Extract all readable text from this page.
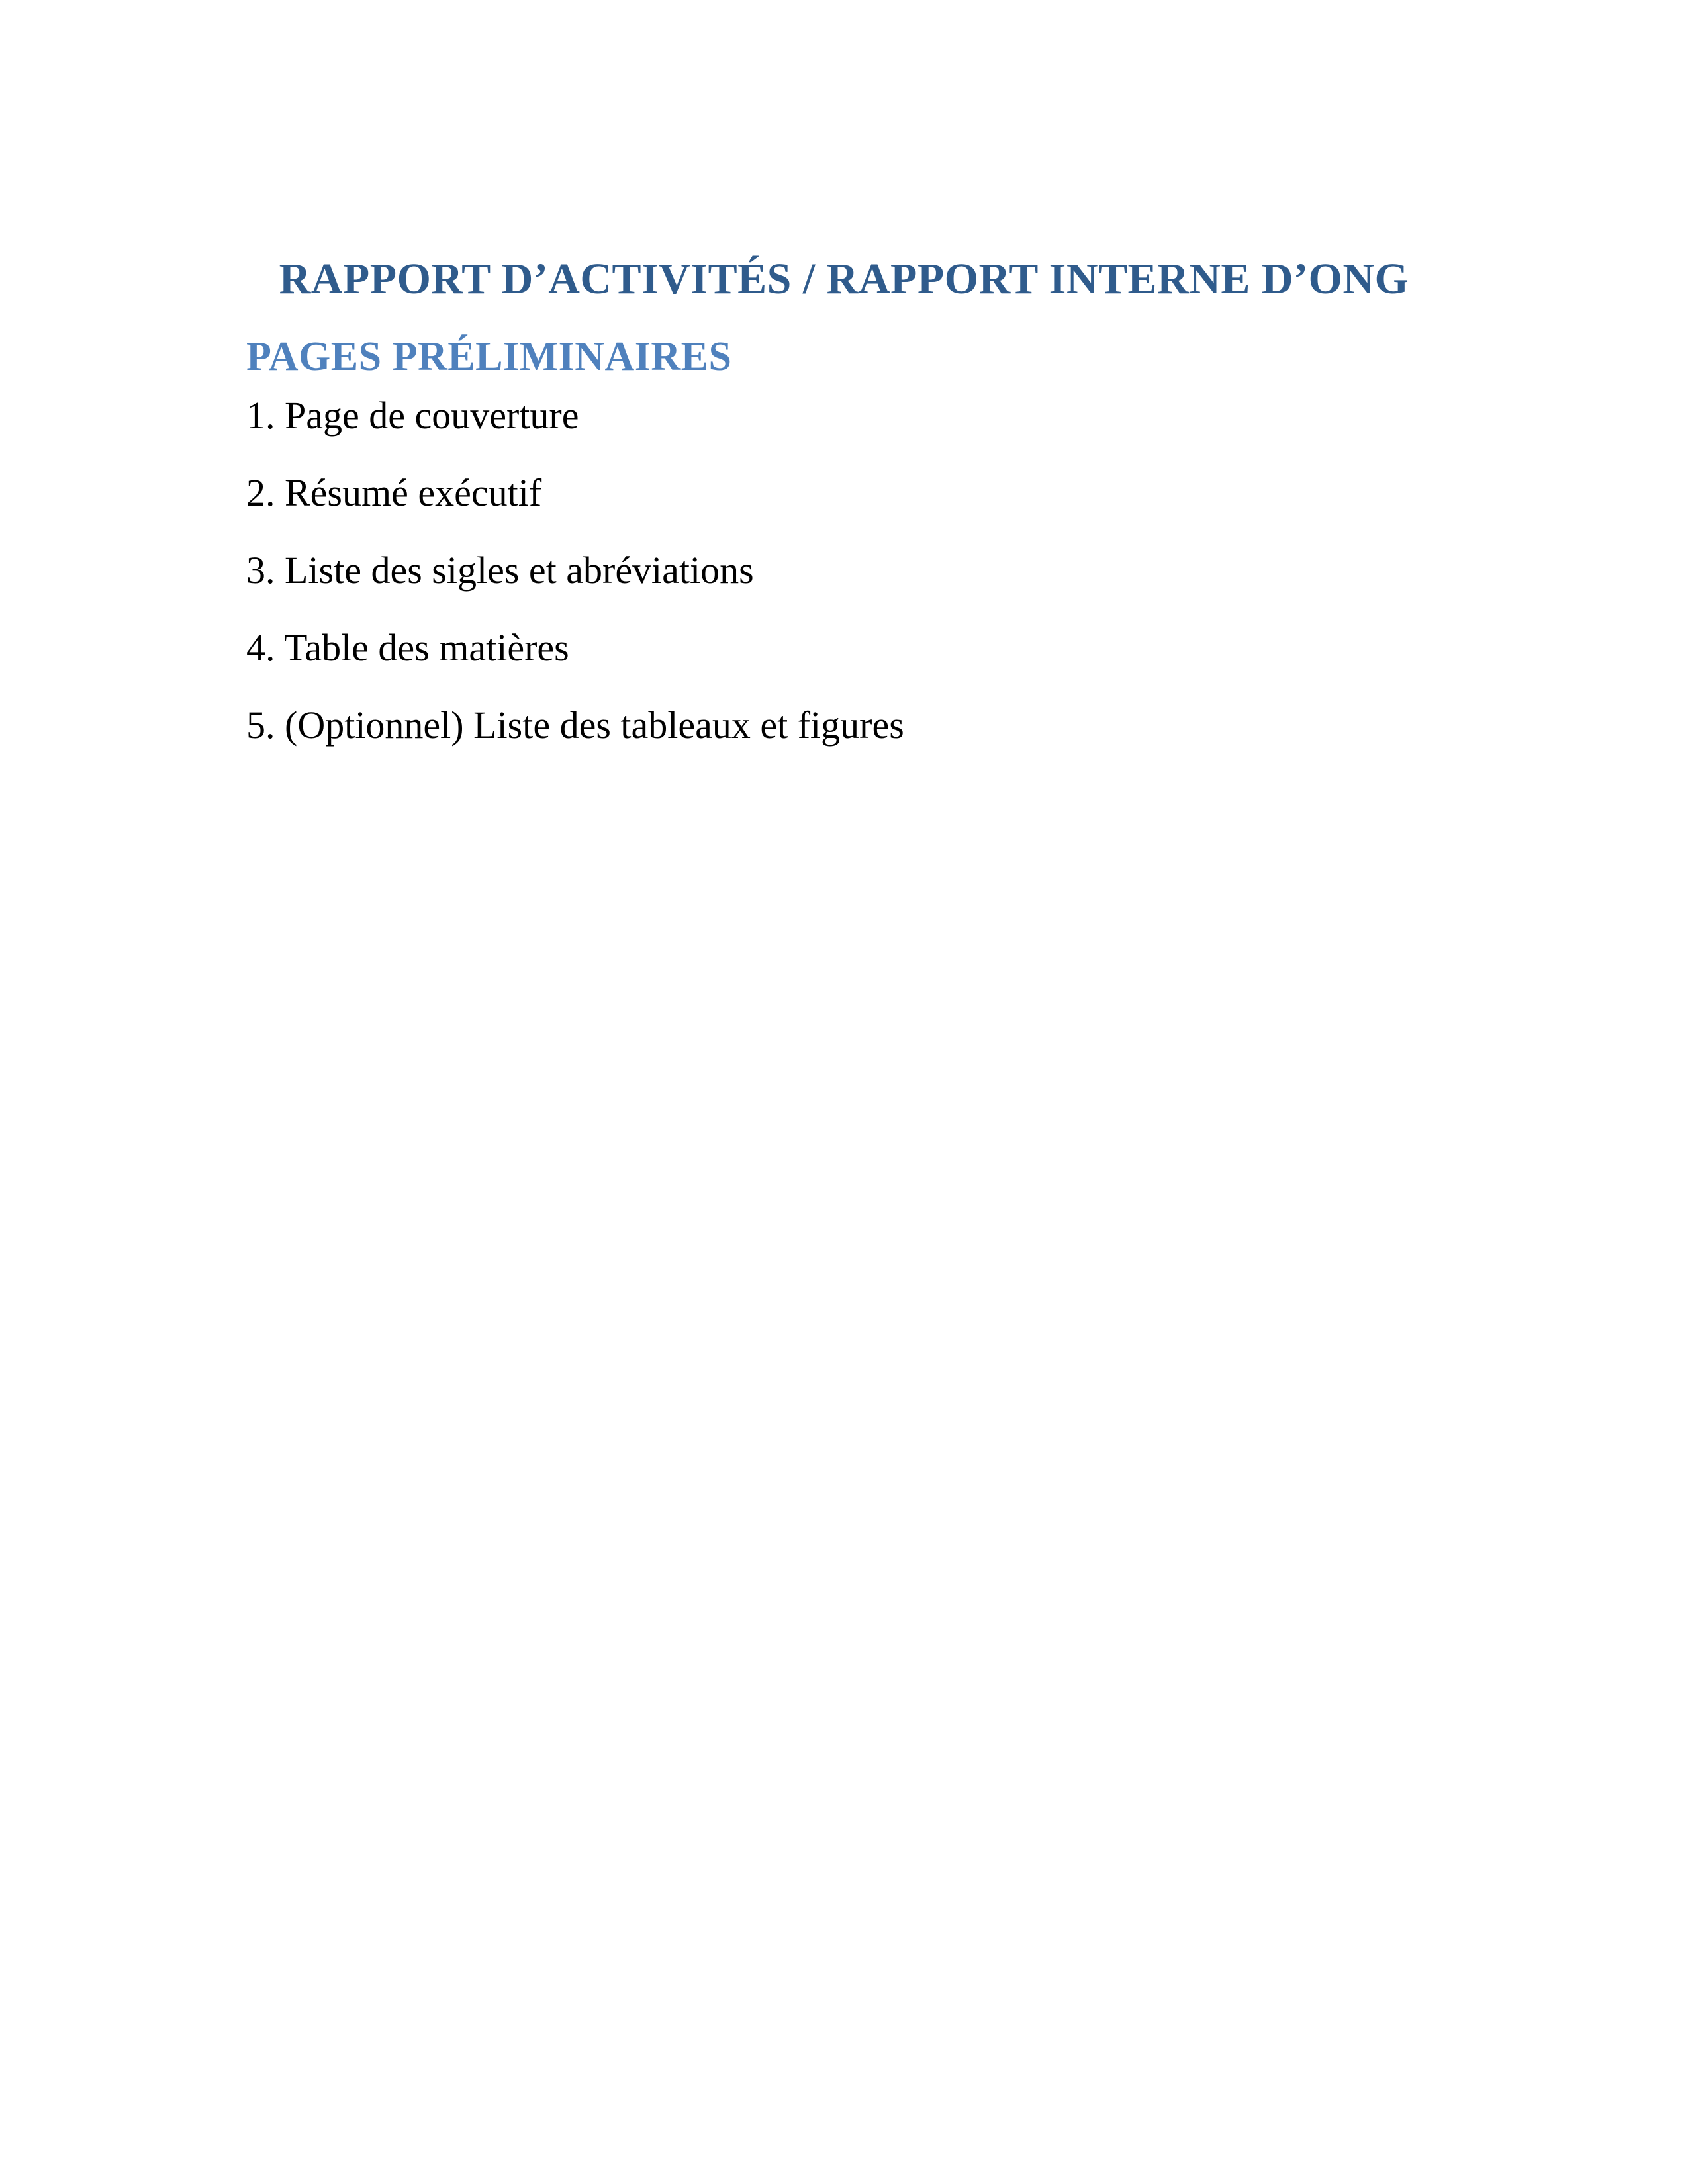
RAPPORT D’ACTIVITÉS / RAPPORT INTERNE D’ONG
PAGES PRÉLIMINAIRES

1. Page de couverture

2. Résumé exécutif

3. Liste des sigles et abréviations

4. Table des matières

5. (Optionnel) Liste des tableaux et figures
